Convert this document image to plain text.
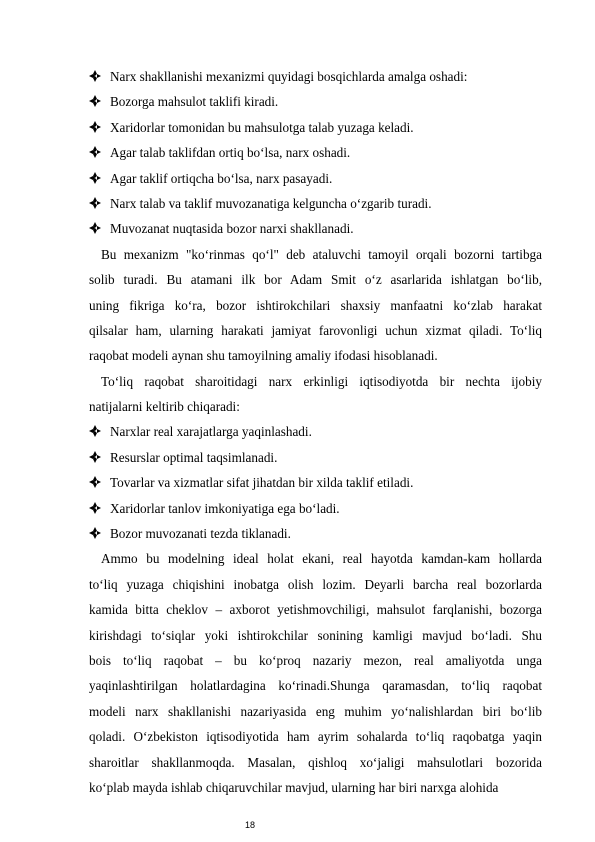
Narx shakllanishi mexanizmi quyidagi bosqichlarda amalga oshadi:
Bozorga mahsulot taklifi kiradi.
Xaridorlar tomonidan bu mahsulotga talab yuzaga keladi.
Agar talab taklifdan ortiq bo‘lsa, narx oshadi.
Agar taklif ortiqcha bo‘lsa, narx pasayadi.
Narx talab va taklif muvozanatiga kelguncha o‘zgarib turadi.
Muvozanat nuqtasida bozor narxi shakllanadi.
Bu mexanizm "ko‘rinmas qo‘l" deb ataluvchi tamoyil orqali bozorni tartibga
solib turadi. Bu atamani ilk bor Adam Smit o‘z asarlarida ishlatgan bo‘lib,
uning fikriga ko‘ra, bozor ishtirokchilari shaxsiy manfaatni ko‘zlab harakat
qilsalar ham, ularning harakati jamiyat farovonligi uchun xizmat qiladi. To‘liq
raqobat modeli aynan shu tamoyilning amaliy ifodasi hisoblanadi.
To‘liq raqobat sharoitidagi narx erkinligi iqtisodiyotda bir nechta ijobiy
natijalarni keltirib chiqaradi:
Narxlar real xarajatlarga yaqinlashadi.
Resurslar optimal taqsimlanadi.
Tovarlar va xizmatlar sifat jihatdan bir xilda taklif etiladi.
Xaridorlar tanlov imkoniyatiga ega bo‘ladi.
Bozor muvozanati tezda tiklanadi.
Ammo bu modelning ideal holat ekani, real hayotda kamdan-kam hollarda
to‘liq yuzaga chiqishini inobatga olish lozim. Deyarli barcha real bozorlarda
kamida bitta cheklov – axborot yetishmovchiligi, mahsulot farqlanishi, bozorga
kirishdagi to‘siqlar yoki ishtirokchilar sonining kamligi mavjud bo‘ladi. Shu
bois to‘liq raqobat – bu ko‘proq nazariy mezon, real amaliyotda unga
yaqinlashtirilgan holatlardagina ko‘rinadi.Shunga qaramasdan, to‘liq raqobat
modeli narx shakllanishi nazariyasida eng muhim yo‘nalishlardan biri bo‘lib
qoladi. O‘zbekiston iqtisodiyotida ham ayrim sohalarda to‘liq raqobatga yaqin
sharoitlar shakllanmoqda. Masalan, qishloq xo‘jaligi mahsulotlari bozorida
ko‘plab mayda ishlab chiqaruvchilar mavjud, ularning har biri narxga alohida
18
